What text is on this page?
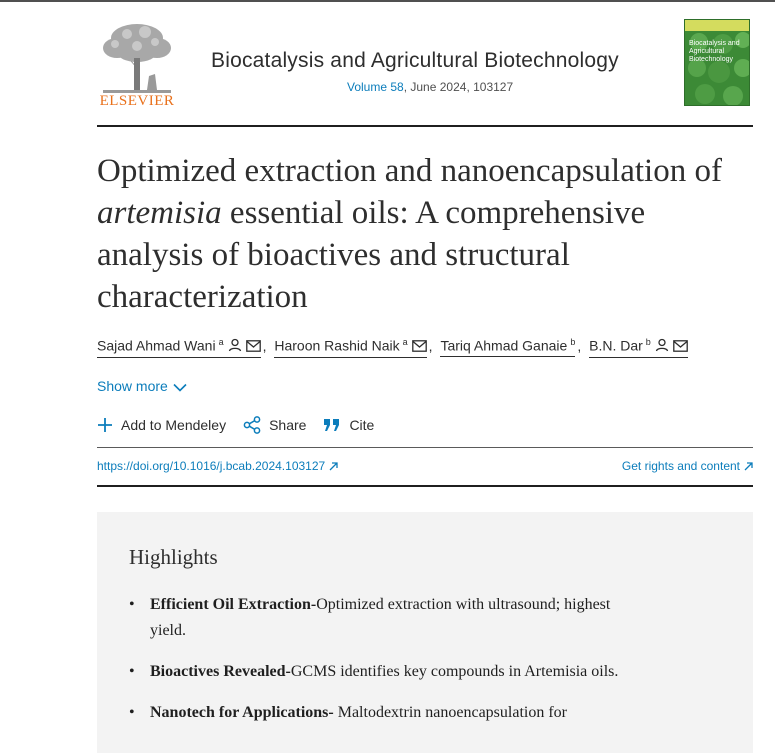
ELSEVIER
Biocatalysis and Agricultural Biotechnology
Volume 58, June 2024, 103127
Biocatalysis and Agricultural Biotechnology
Optimized extraction and nanoencapsulation of artemisia essential oils: A comprehensive analysis of bioactives and structural characterization
Sajad Ahmad Wani $^a$	, Haroon Rashid Naik $^a$ , Tariq Ahmad Ganaie $^b$ , B.N. Dar $^b$
Show more
Add to Mendeley	Share	Cite
https://doi.org/10.1016/j.bcab.2024.103127	Get rights and content
Highlights
• Efficient Oil Extraction-Optimized extraction with ultrasound; highest yield.
• Bioactives Revealed-GCMS identifies key compounds in Artemisia oils.
• Nanotech for Applications- Maltodextrin nanoencapsulation for
